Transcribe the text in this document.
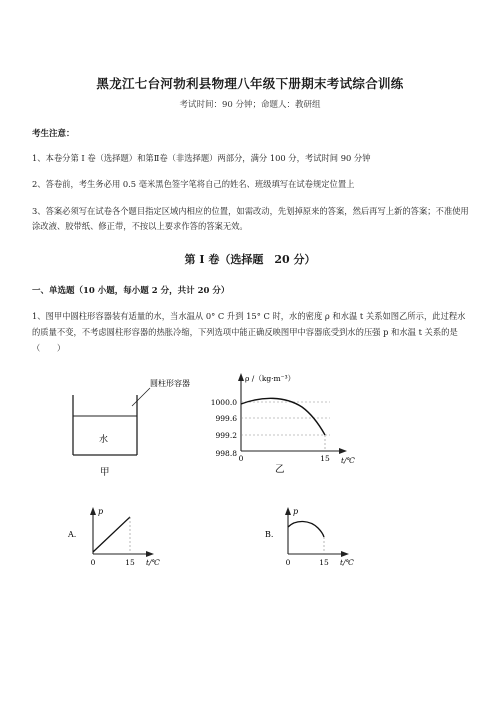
黑龙江七台河勃利县物理八年级下册期末考试综合训练
考试时间：90 分钟；命题人：教研组
考生注意：
1、本卷分第 I 卷（选择题）和第Ⅱ卷（非选择题）两部分，满分 100 分，考试时间 90 分钟
2、答卷前，考生务必用 0.5 毫米黑色签字笔将自己的姓名、班级填写在试卷规定位置上
3、答案必须写在试卷各个题目指定区域内相应的位置，如需改动，先划掉原来的答案，然后再写上新的答案；不准使用涂改液、胶带纸、修正带，不按以上要求作答的答案无效。
第 I 卷（选择题　20 分）
一、单选题（10 小题，每小题 2 分，共计 20 分）
1、图甲中圆柱形容器装有适量的水，当水温从 0° C 升到 15° C 时，水的密度 ρ 和水温 t 关系如图乙所示，此过程水的质量不变，不考虑圆柱形容器的热胀冷缩，下列选项中能正确反映图甲中容器底受到水的压强 p 和水温 t 关系的是（　　）
圆柱形容器
水
甲
ρ /（kg·m⁻³）
1000.0
999.6
999.2
998.8
0	15 t/℃
乙
A.
p
0	15 t/℃
B.
p
0	15 t/℃
